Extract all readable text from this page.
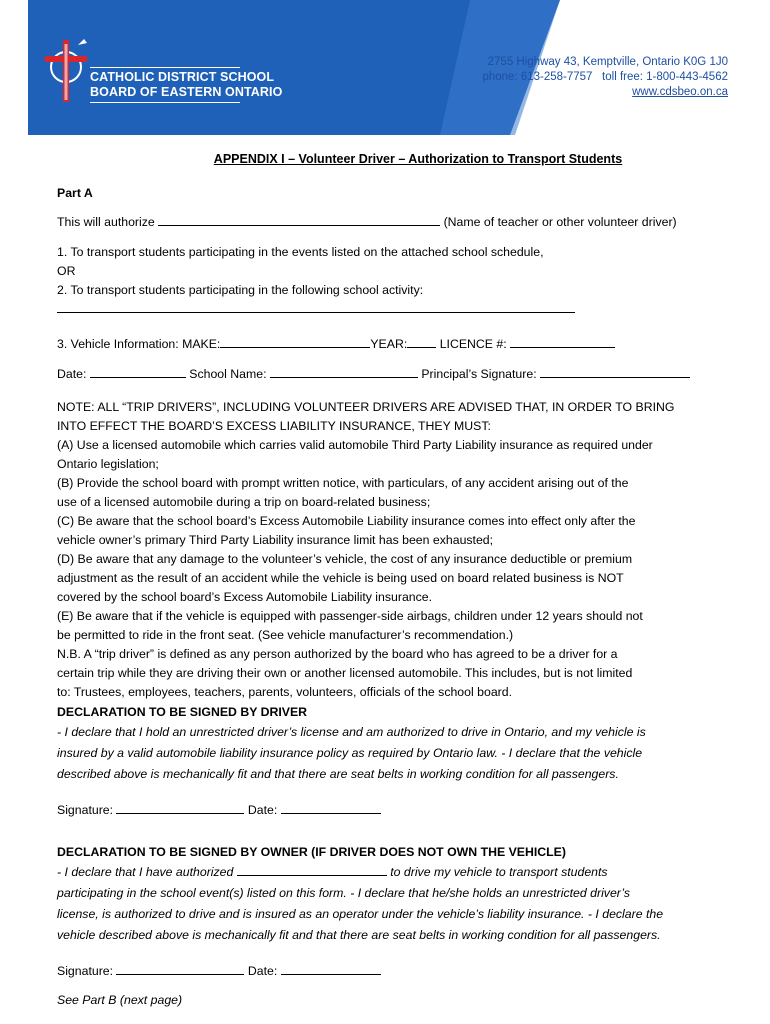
CATHOLIC DISTRICT SCHOOL
BOARD OF EASTERN ONTARIO
2755 Highway 43, Kemptville, Ontario K0G 1J0
phone: 613-258-7757 toll free: 1-800-443-4562
www.cdsbeo.on.ca
APPENDIX I – Volunteer Driver – Authorization to Transport Students
Part A

This will authorize	(Name of teacher or other volunteer driver)

1. To transport students participating in the events listed on the attached school schedule,

OR

2. To transport students participating in the following school activity:

3. Vehicle Information: MAKE:	YEAR:	LICENCE #:

Date:	School Name:	Principal’s Signature:

NOTE: ALL “TRIP DRIVERS”, INCLUDING VOLUNTEER DRIVERS ARE ADVISED THAT, IN ORDER TO BRING

INTO EFFECT THE BOARD’S EXCESS LIABILITY INSURANCE, THEY MUST:

(A) Use a licensed automobile which carries valid automobile Third Party Liability insurance as required under

Ontario legislation;

(B) Provide the school board with prompt written notice, with particulars, of any accident arising out of the

use of a licensed automobile during a trip on board-related business;

(C) Be aware that the school board’s Excess Automobile Liability insurance comes into effect only after the

vehicle owner’s primary Third Party Liability insurance limit has been exhausted;

(D) Be aware that any damage to the volunteer’s vehicle, the cost of any insurance deductible or premium

adjustment as the result of an accident while the vehicle is being used on board related business is NOT

covered by the school board’s Excess Automobile Liability insurance.

(E) Be aware that if the vehicle is equipped with passenger-side airbags, children under 12 years should not

be permitted to ride in the front seat. (See vehicle manufacturer’s recommendation.)

N.B. A “trip driver” is defined as any person authorized by the board who has agreed to be a driver for a

certain trip while they are driving their own or another licensed automobile. This includes, but is not limited

to: Trustees, employees, teachers, parents, volunteers, officials of the school board.

DECLARATION TO BE SIGNED BY DRIVER

- I declare that I hold an unrestricted driver’s license and am authorized to drive in Ontario, and my vehicle is

insured by a valid automobile liability insurance policy as required by Ontario law. - I declare that the vehicle

described above is mechanically fit and that there are seat belts in working condition for all passengers.

Signature:	Date:

DECLARATION TO BE SIGNED BY OWNER (IF DRIVER DOES NOT OWN THE VEHICLE)

- I declare that I have authorized	to drive my vehicle to transport students

participating in the school event(s) listed on this form. - I declare that he/she holds an unrestricted driver’s

license, is authorized to drive and is insured as an operator under the vehicle’s liability insurance. - I declare the

vehicle described above is mechanically fit and that there are seat belts in working condition for all passengers.

Signature:	Date:

See Part B (next page)
